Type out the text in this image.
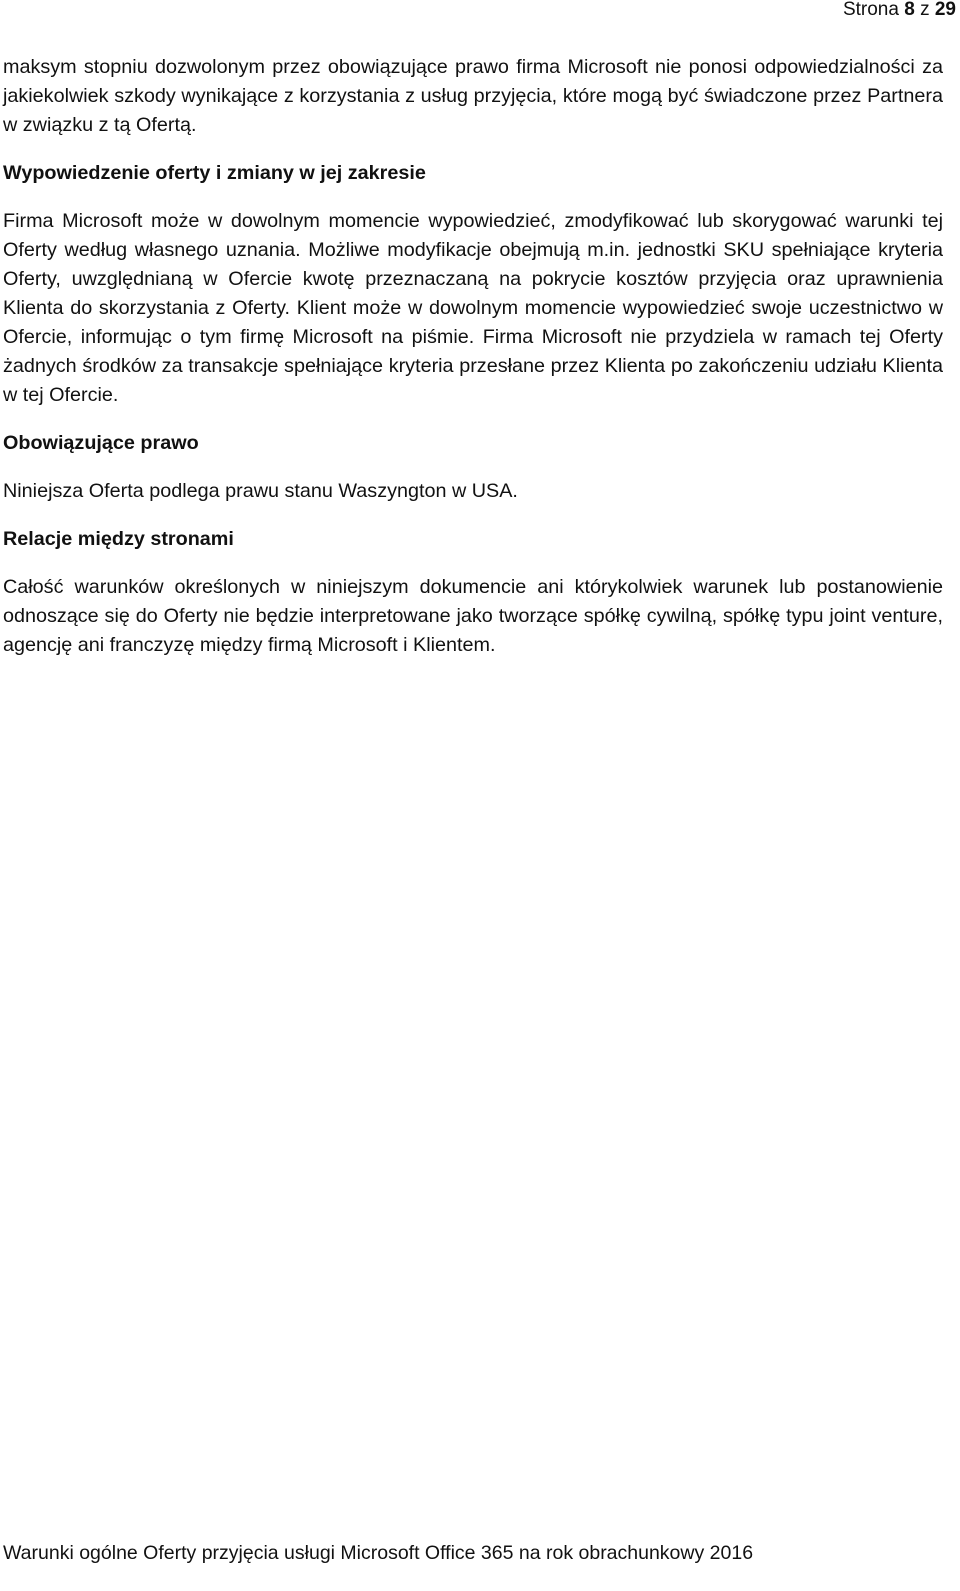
Strona 8 z 29

maksym stopniu dozwolonym przez obowiązujące prawo firma Microsoft nie ponosi odpowiedzialności za jakiekolwiek szkody wynikające z korzystania z usług przyjęcia, które mogą być świadczone przez Partnera w związku z tą Ofertą.

Wypowiedzenie oferty i zmiany w jej zakresie

Firma Microsoft może w dowolnym momencie wypowiedzieć, zmodyfikować lub skorygować warunki tej Oferty według własnego uznania. Możliwe modyfikacje obejmują m.in. jednostki SKU spełniające kryteria Oferty, uwzględnianą w Ofercie kwotę przeznaczaną na pokrycie kosztów przyjęcia oraz uprawnienia Klienta do skorzystania z Oferty. Klient może w dowolnym momencie wypowiedzieć swoje uczestnictwo w Ofercie, informując o tym firmę Microsoft na piśmie. Firma Microsoft nie przydziela w ramach tej Oferty żadnych środków za transakcje spełniające kryteria przesłane przez Klienta po zakończeniu udziału Klienta w tej Ofercie.

Obowiązujące prawo

Niniejsza Oferta podlega prawu stanu Waszyngton w USA.

Relacje między stronami

Całość warunków określonych w niniejszym dokumencie ani którykolwiek warunek lub postanowienie odnoszące się do Oferty nie będzie interpretowane jako tworzące spółkę cywilną, spółkę typu joint venture, agencję ani franczyzę między firmą Microsoft i Klientem.

Warunki ogólne Oferty przyjęcia usługi Microsoft Office 365 na rok obrachunkowy 2016
